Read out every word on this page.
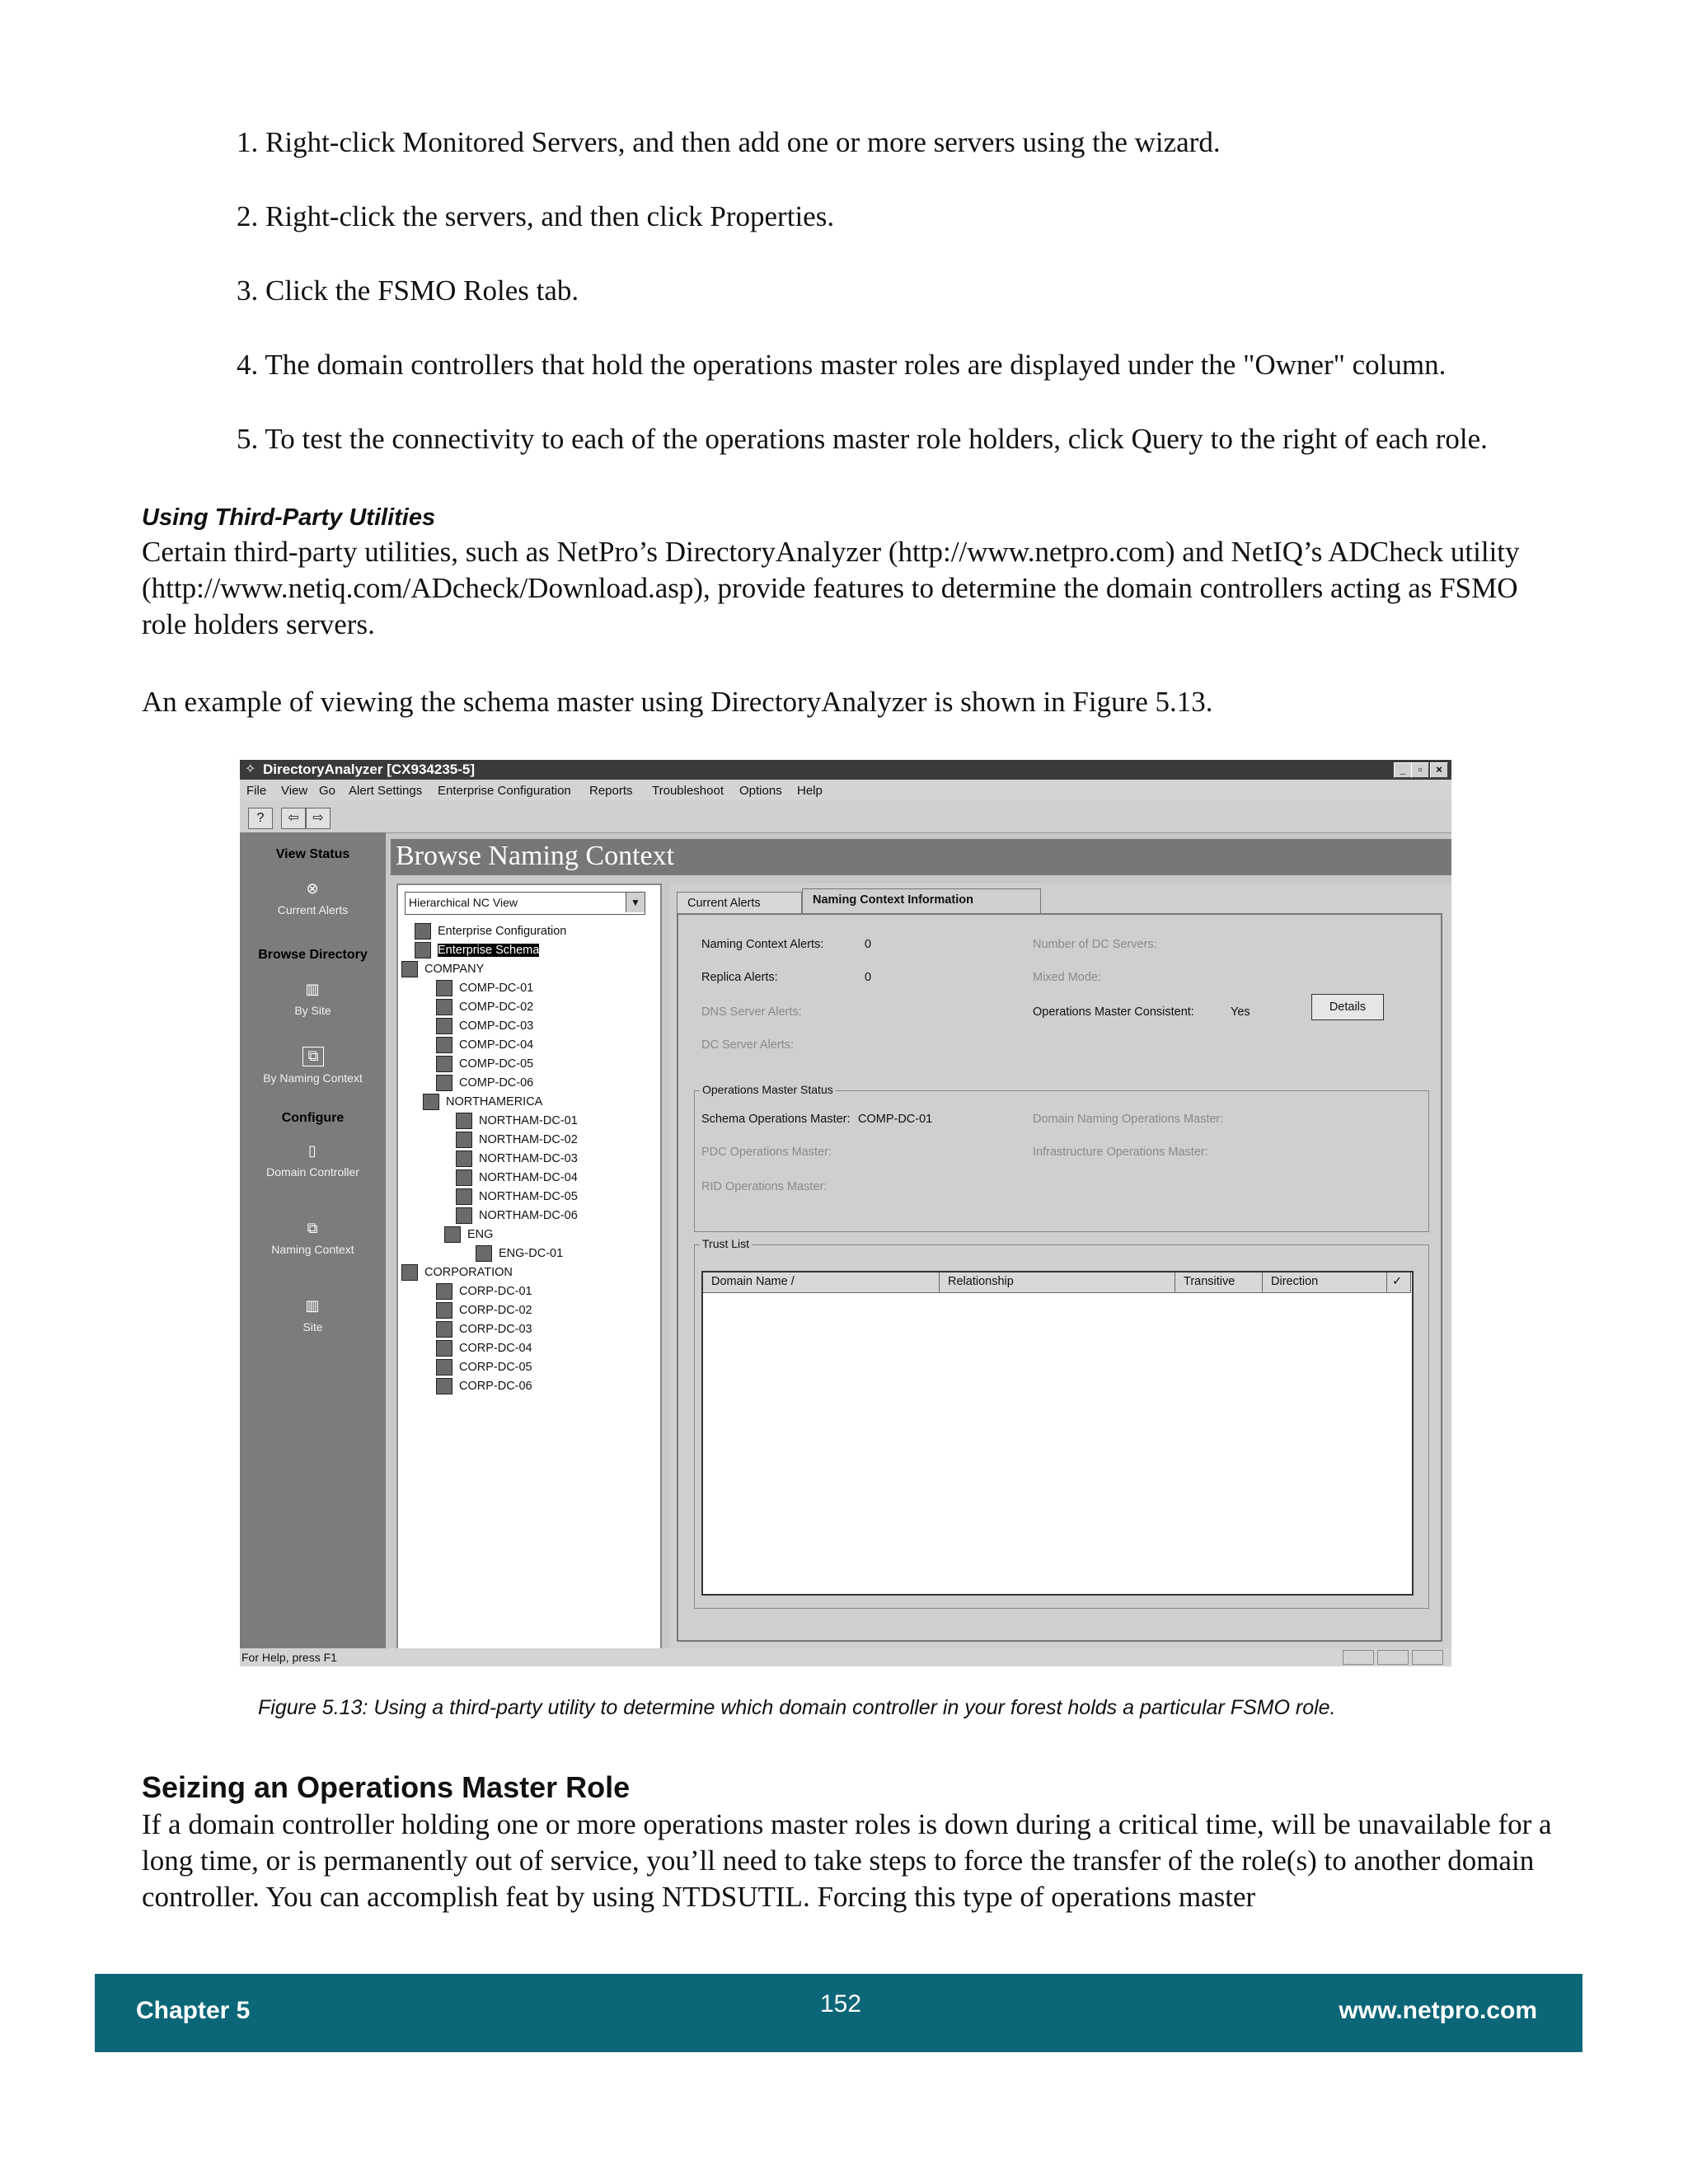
1. Right-click Monitored Servers, and then add one or more servers using the wizard.
2. Right-click the servers, and then click Properties.
3. Click the FSMO Roles tab.
4. The domain controllers that hold the operations master roles are displayed under the "Owner" column.
5. To test the connectivity to each of the operations master role holders, click Query to the right of each role.
Using Third-Party Utilities
Certain third-party utilities, such as NetPro’s DirectoryAnalyzer (http://www.netpro.com) and NetIQ’s ADCheck utility (http://www.netiq.com/ADcheck/Download.asp), provide features to determine the domain controllers acting as FSMO role holders servers.
An example of viewing the schema master using DirectoryAnalyzer is shown in Figure 5.13.
✧ DirectoryAnalyzer [CX934235-5]	_	▫	×
File View Go Alert Settings Enterprise Configuration Reports Troubleshoot Options Help
?	⇦	⇨
View Status
⊗
Current Alerts
Browse Directory
▥
By Site
⧉
By Naming Context
Configure
▯
Domain Controller
⧉
Naming Context
▥
Site
Browse Naming Context
Hierarchical NC View	▼
Enterprise Configuration
Enterprise Schema
COMPANY
COMP-DC-01
COMP-DC-02
COMP-DC-03
COMP-DC-04
COMP-DC-05
COMP-DC-06
NORTHAMERICA
NORTHAM-DC-01
NORTHAM-DC-02
NORTHAM-DC-03
NORTHAM-DC-04
NORTHAM-DC-05
NORTHAM-DC-06
ENG
ENG-DC-01
CORPORATION
CORP-DC-01
CORP-DC-02
CORP-DC-03
CORP-DC-04
CORP-DC-05
CORP-DC-06
Current Alerts	Naming Context Information
Naming Context Alerts:	0
Replica Alerts:	0
DNS Server Alerts:
DC Server Alerts:
Number of DC Servers:
Mixed Mode:
Operations Master Consistent:	Yes	Details
Operations Master Status
Schema Operations Master: COMP-DC-01	Domain Naming Operations Master:
PDC Operations Master:	Infrastructure Operations Master:
RID Operations Master:
Trust List
Domain Name /	Relationship	Transitive	Direction	✓
For Help, press F1
Figure 5.13: Using a third-party utility to determine which domain controller in your forest holds a particular FSMO role.
Seizing an Operations Master Role
If a domain controller holding one or more operations master roles is down during a critical time, will be unavailable for a long time, or is permanently out of service, you’ll need to take steps to force the transfer of the role(s) to another domain controller. You can accomplish feat by using NTDSUTIL. Forcing this type of operations master
Chapter 5	152	www.netpro.com
